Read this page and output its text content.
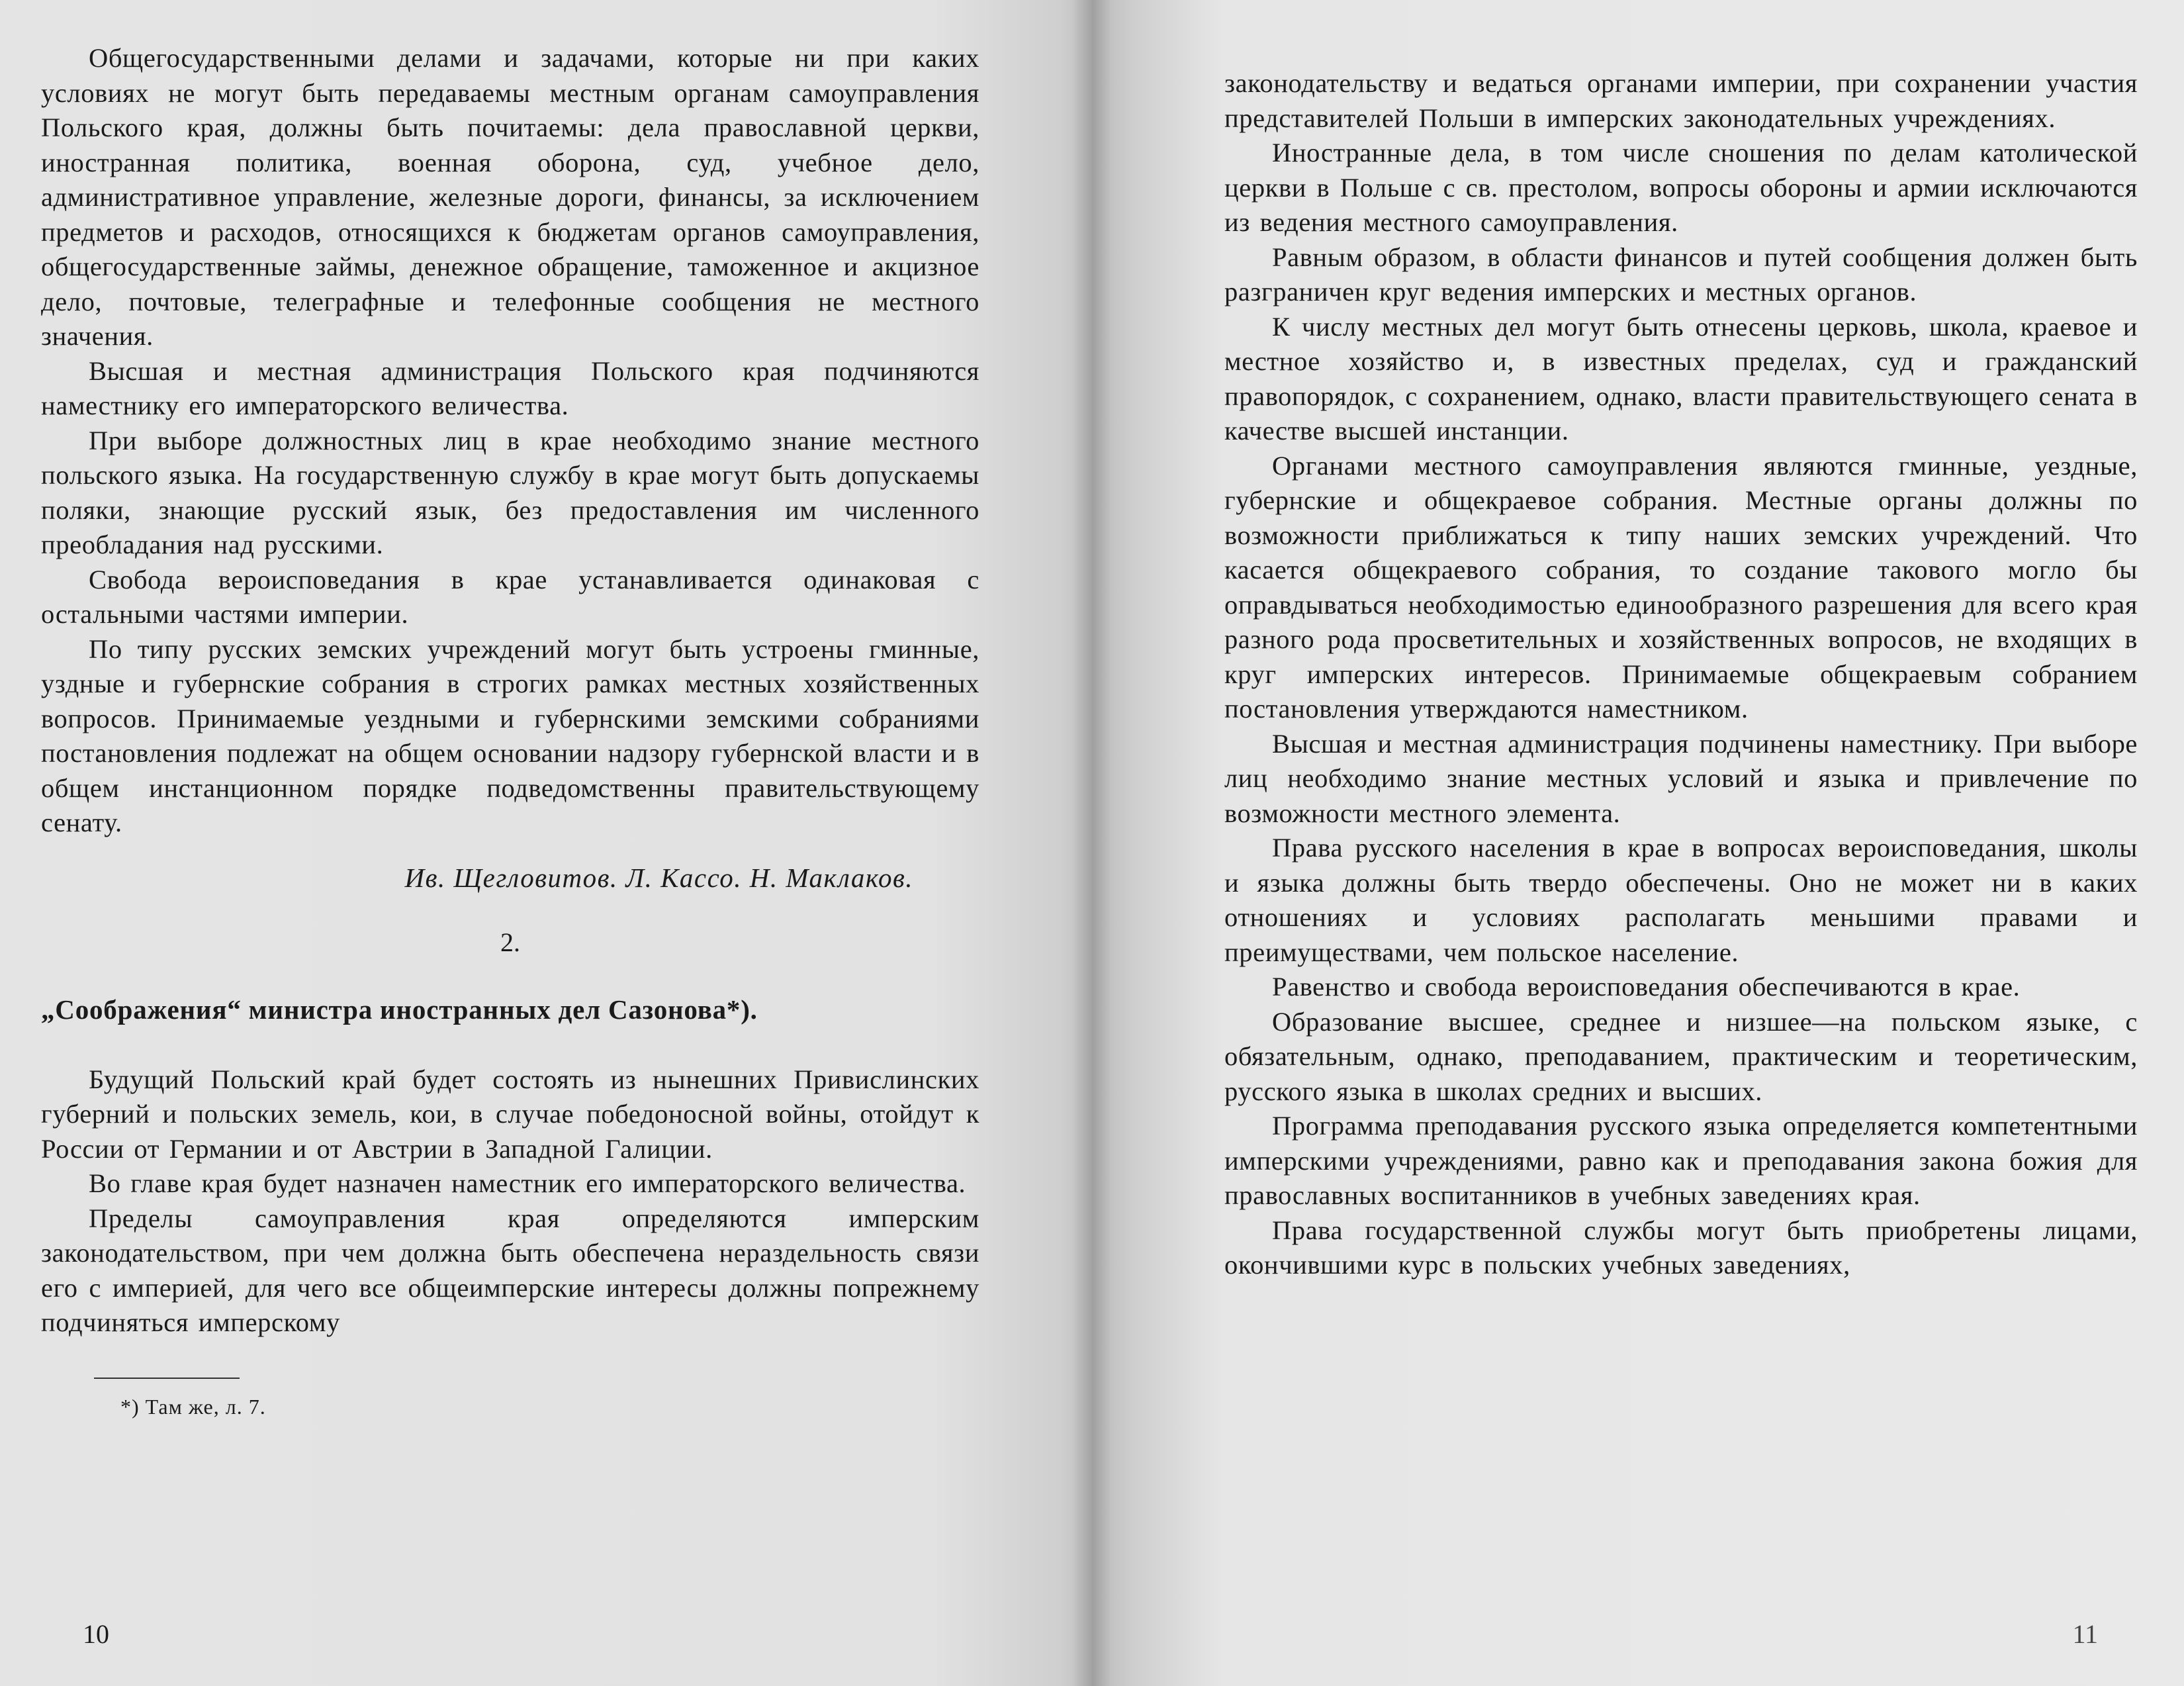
Общегосударственными делами и задачами, которые ни при каких условиях не могут быть передаваемы местным органам самоуправления Польского края, должны быть почитаемы: дела православной церкви, иностранная политика, военная оборона, суд, учебное дело, административное управление, железные дороги, финансы, за исключением предметов и расходов, относящихся к бюджетам органов самоуправления, общегосударственные займы, денежное обращение, таможенное и акцизное дело, почтовые, телеграфные и телефонные сообщения не местного значения.

Высшая и местная администрация Польского края подчиняются наместнику его императорского величества.

При выборе должностных лиц в крае необходимо знание местного польского языка. На государственную службу в крае могут быть допускаемы поляки, знающие русский язык, без предоставления им численного преобладания над русскими.

Свобода вероисповедания в крае устанавливается одинаковая с остальными частями империи.

По типу русских земских учреждений могут быть устроены гминные, уздные и губернские собрания в строгих рамках местных хозяйственных вопросов. Принимаемые уездными и губернскими земскими собраниями постановления подлежат на общем основании надзору губернской власти и в общем инстанционном порядке подведомственны правительствующему сенату.

Ив. Щегловитов. Л. Кассо. Н. Маклаков.
2.
„Соображения“ министра иностранных дел Сазонова*).

Будущий Польский край будет состоять из нынешних Привислинских губерний и польских земель, кои, в случае победоносной войны, отойдут к России от Германии и от Австрии в Западной Галиции.

Во главе края будет назначен наместник его императорского величества.

Пределы самоуправления края определяются имперским законодательством, при чем должна быть обеспечена нераздельность связи его с империей, для чего все общеимперские интересы должны попрежнему подчиняться имперскому

*) Там же, л. 7.
10

законодательству и ведаться органами империи, при сохранении участия представителей Польши в имперских законодательных учреждениях.

Иностранные дела, в том числе сношения по делам католической церкви в Польше с св. престолом, вопросы обороны и армии исключаются из ведения местного самоуправления.

Равным образом, в области финансов и путей сообщения должен быть разграничен круг ведения имперских и местных органов.

К числу местных дел могут быть отнесены церковь, школа, краевое и местное хозяйство и, в известных пределах, суд и гражданский правопорядок, с сохранением, однако, власти правительствующего сената в качестве высшей инстанции.

Органами местного самоуправления являются гминные, уездные, губернские и общекраевое собрания. Местные органы должны по возможности приближаться к типу наших земских учреждений. Что касается общекраевого собрания, то создание такового могло бы оправдываться необходимостью единообразного разрешения для всего края разного рода просветительных и хозяйственных вопросов, не входящих в круг имперских интересов. Принимаемые общекраевым собранием постановления утверждаются наместником.

Высшая и местная администрация подчинены наместнику. При выборе лиц необходимо знание местных условий и языка и привлечение по возможности местного элемента.

Права русского населения в крае в вопросах вероисповедания, школы и языка должны быть твердо обеспечены. Оно не может ни в каких отношениях и условиях располагать меньшими правами и преимуществами, чем польское население.

Равенство и свобода вероисповедания обеспечиваются в крае.

Образование высшее, среднее и низшее—на польском языке, с обязательным, однако, преподаванием, практическим и теоретическим, русского языка в школах средних и высших.

Программа преподавания русского языка определяется компетентными имперскими учреждениями, равно как и преподавания закона божия для православных воспитанников в учебных заведениях края.

Права государственной службы могут быть приобретены лицами, окончившими курс в польских учебных заведениях,

11
